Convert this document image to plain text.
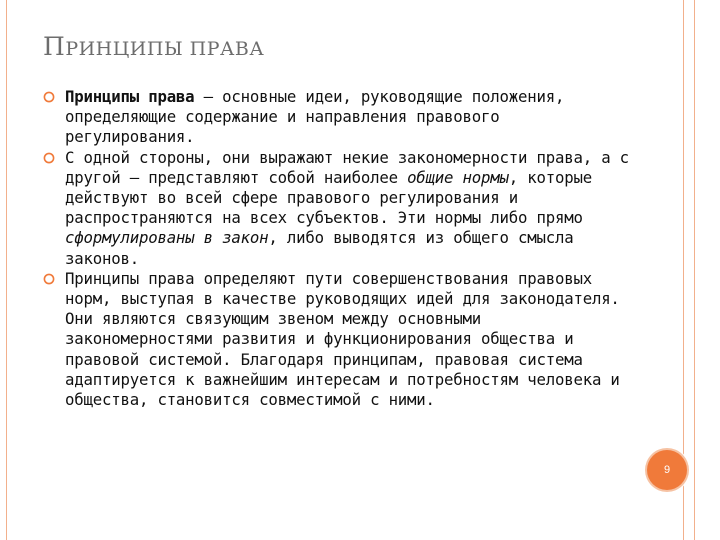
ПРИНЦИПЫ ПРАВА
Принципы права — основные идеи, руководящие положения, определяющие содержание и направления правового регулирования.
С одной стороны, они выражают некие закономерности права, а с другой — представляют собой наиболее общие нормы, которые действуют во всей сфере правового регулирования и распространяются на всех субъектов. Эти нормы либо прямо сформулированы в закон, либо выводятся из общего смысла законов.
Принципы права определяют пути совершенствования правовых норм, выступая в качестве руководящих идей для законодателя. Они являются связующим звеном между основными закономерностями развития и функционирования общества и правовой системой. Благодаря принципам, правовая система адаптируется к важнейшим интересам и потребностям человека и общества, становится совместимой с ними.
9
